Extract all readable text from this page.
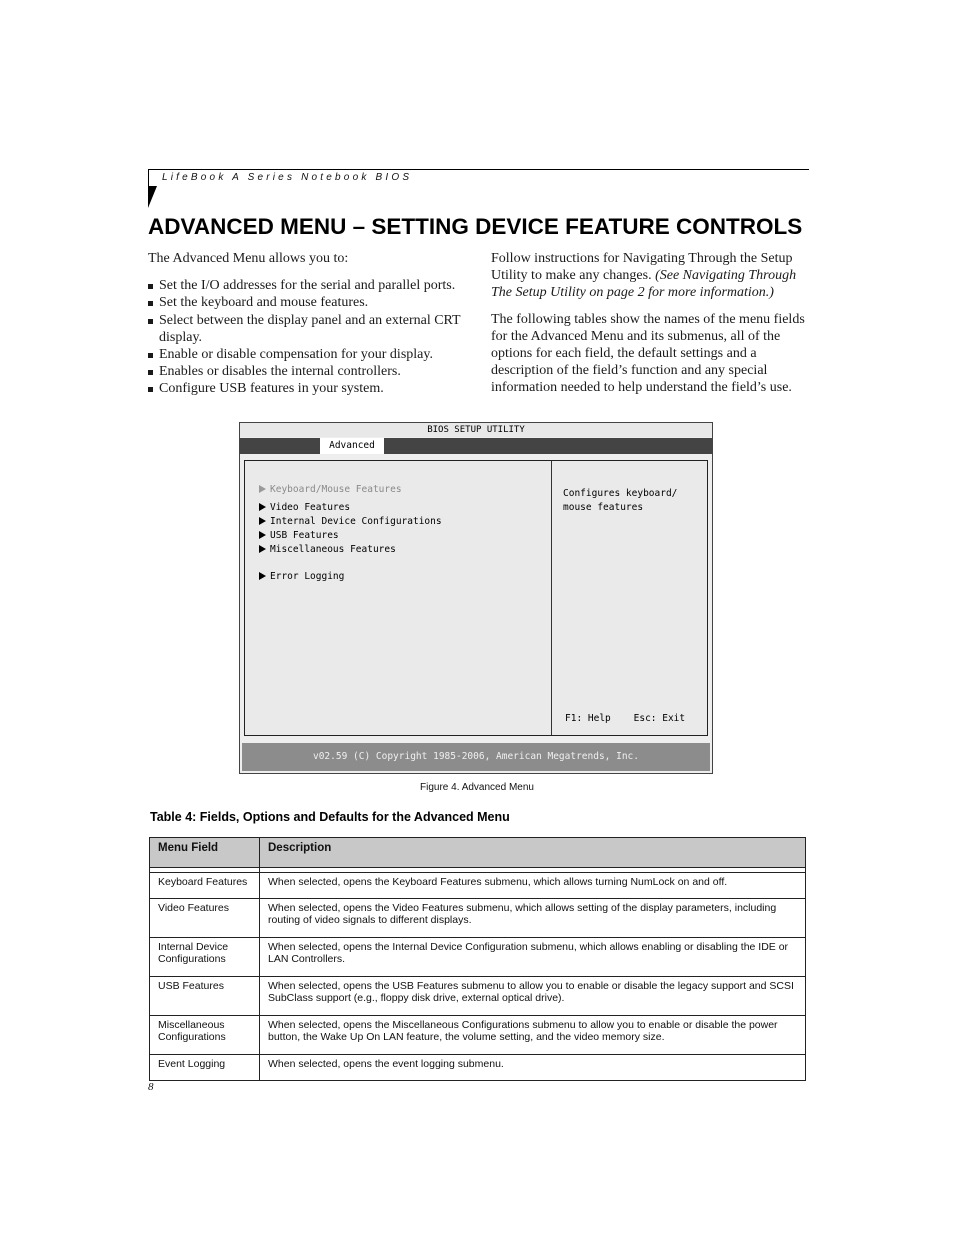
LifeBook A Series Notebook BIOS
ADVANCED MENU – SETTING DEVICE FEATURE CONTROLS

The Advanced Menu allows you to:

Set the I/O addresses for the serial and parallel ports.
Set the keyboard and mouse features.
Select between the display panel and an external CRT display.
Enable or disable compensation for your display.
Enables or disables the internal controllers.
Configure USB features in your system.

Follow instructions for Navigating Through the Setup Utility to make any changes. (See Navigating Through The Setup Utility on page 2 for more information.)

The following tables show the names of the menu fields for the Advanced Menu and its submenus, all of the options for each field, the default settings and a description of the field’s function and any special information needed to help understand the field’s use.

BIOS SETUP UTILITY
Advanced
Keyboard/Mouse Features
Video Features
Internal Device Configurations
USB Features
Miscellaneous Features
Error Logging
Configures keyboard/ mouse features
F1: Help    Esc: Exit
v02.59 (C) Copyright 1985-2006, American Megatrends, Inc.
Figure 4. Advanced Menu
Table 4: Fields, Options and Defaults for the Advanced Menu
Menu Field	Description

Keyboard Features	When selected, opens the Keyboard Features submenu, which allows turning NumLock on and off.
Video Features	When selected, opens the Video Features submenu, which allows setting of the display parameters, including routing of video signals to different displays.
Internal Device Configurations	When selected, opens the Internal Device Configuration submenu, which allows enabling or disabling the IDE or LAN Controllers.
USB Features	When selected, opens the USB Features submenu to allow you to enable or disable the legacy support and SCSI SubClass support (e.g., floppy disk drive, external optical drive).
Miscellaneous Configurations	When selected, opens the Miscellaneous Configurations submenu to allow you to enable or disable the power button, the Wake Up On LAN feature, the volume setting, and the video memory size.
Event Logging	When selected, opens the event logging submenu.
8
